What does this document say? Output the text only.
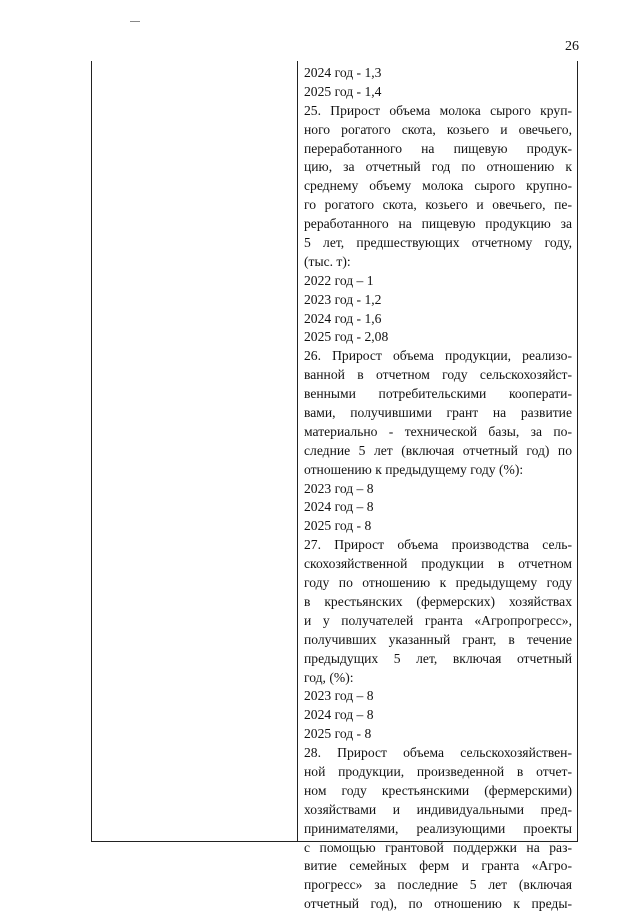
26
2024 год - 1,3
2025 год - 1,4
25. Прирост объема молока сырого круп-
ного рогатого скота, козьего и овечьего,
переработанного на пищевую продук-
цию, за отчетный год по отношению к
среднему объему молока сырого крупно-
го рогатого скота, козьего и овечьего, пе-
реработанного на пищевую продукцию за
5 лет, предшествующих отчетному году,
(тыс. т):
2022 год – 1
2023 год - 1,2
2024 год - 1,6
2025 год - 2,08
26. Прирост объема продукции, реализо-
ванной в отчетном году сельскохозяйст-
венными потребительскими кооперати-
вами, получившими грант на развитие
материально - технической базы, за по-
следние 5 лет (включая отчетный год) по
отношению к предыдущему году (%):
2023 год – 8
2024 год – 8
2025 год - 8
27. Прирост объема производства сель-
скохозяйственной продукции в отчетном
году по отношению к предыдущему году
в крестьянских (фермерских) хозяйствах
и у получателей гранта «Агропрогресс»,
получивших указанный грант, в течение
предыдущих 5 лет, включая отчетный
год, (%):
2023 год – 8
2024 год – 8
2025 год - 8
28. Прирост объема сельскохозяйствен-
ной продукции, произведенной в отчет-
ном году крестьянскими (фермерскими)
хозяйствами и индивидуальными пред-
принимателями, реализующими проекты
с помощью грантовой поддержки на раз-
витие семейных ферм и гранта «Агро-
прогресс» за последние 5 лет (включая
отчетный год), по отношению к преды-
